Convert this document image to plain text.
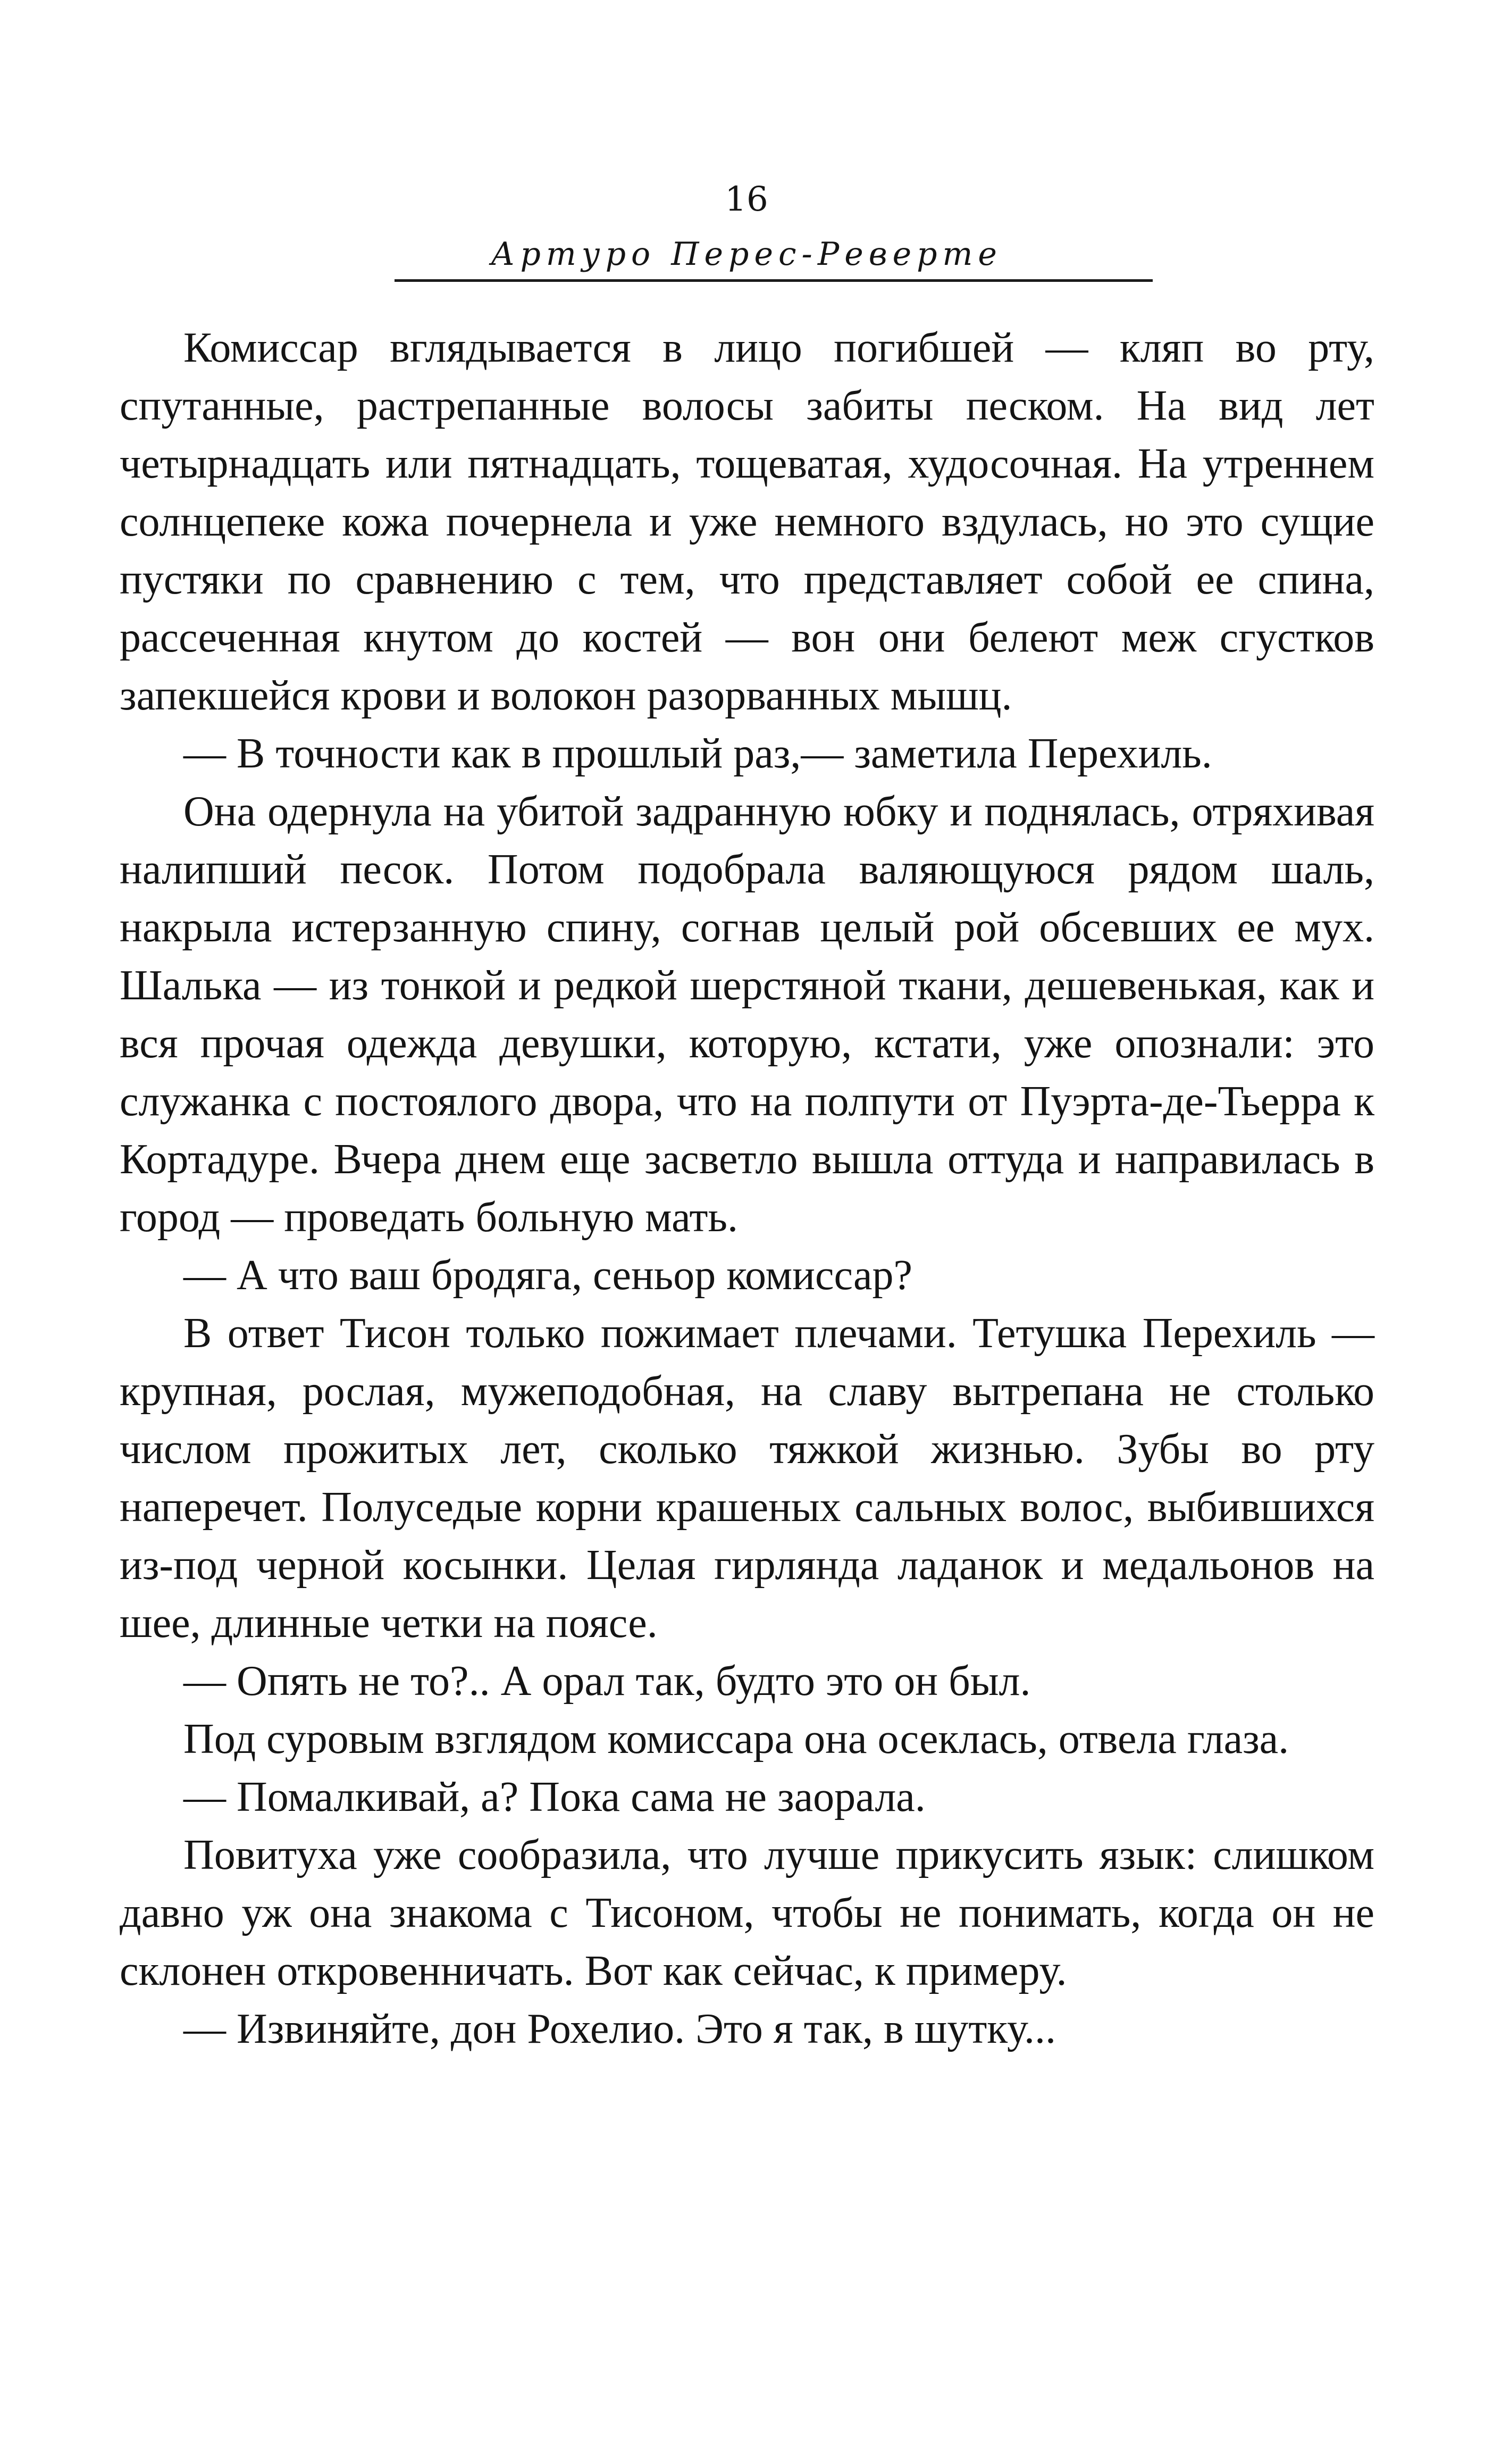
16
Артуро Перес-Реверте

Комиссар вглядывается в лицо погибшей — кляп во рту, спутанные, растрепанные волосы забиты песком. На вид лет четырнадцать или пятнадцать, тощеватая, худосочная. На утреннем солнцепеке кожа почернела и уже немного вздулась, но это сущие пустяки по сравнению с тем, что представляет собой ее спина, рассеченная кнутом до костей — вон они белеют меж сгустков запекшейся крови и волокон разорванных мышц.

— В точности как в прошлый раз,— заметила Перехиль.

Она одернула на убитой задранную юбку и поднялась, отряхивая налипший песок. Потом подобрала валяющуюся рядом шаль, накрыла истерзанную спину, согнав целый рой обсевших ее мух. Шалька — из тонкой и редкой шерстяной ткани, дешевенькая, как и вся прочая одежда девушки, которую, кстати, уже опознали: это служанка с постоялого двора, что на полпути от Пуэрта-де-Тьерра к Кортадуре. Вчера днем еще засветло вышла оттуда и направилась в город — проведать больную мать.

— А что ваш бродяга, сеньор комиссар?

В ответ Тисон только пожимает плечами. Тетушка Перехиль — крупная, рослая, мужеподобная, на славу вытрепана не столько числом прожитых лет, сколько тяжкой жизнью. Зубы во рту наперечет. Полуседые корни крашеных сальных волос, выбившихся из-под черной косынки. Целая гирлянда ладанок и медальонов на шее, длинные четки на поясе.

— Опять не то?.. А орал так, будто это он был.

Под суровым взглядом комиссара она осеклась, отвела глаза.

— Помалкивай, а? Пока сама не заорала.

Повитуха уже сообразила, что лучше прикусить язык: слишком давно уж она знакома с Тисоном, чтобы не понимать, когда он не склонен откровенничать. Вот как сейчас, к примеру.

— Извиняйте, дон Рохелио. Это я так, в шутку...
